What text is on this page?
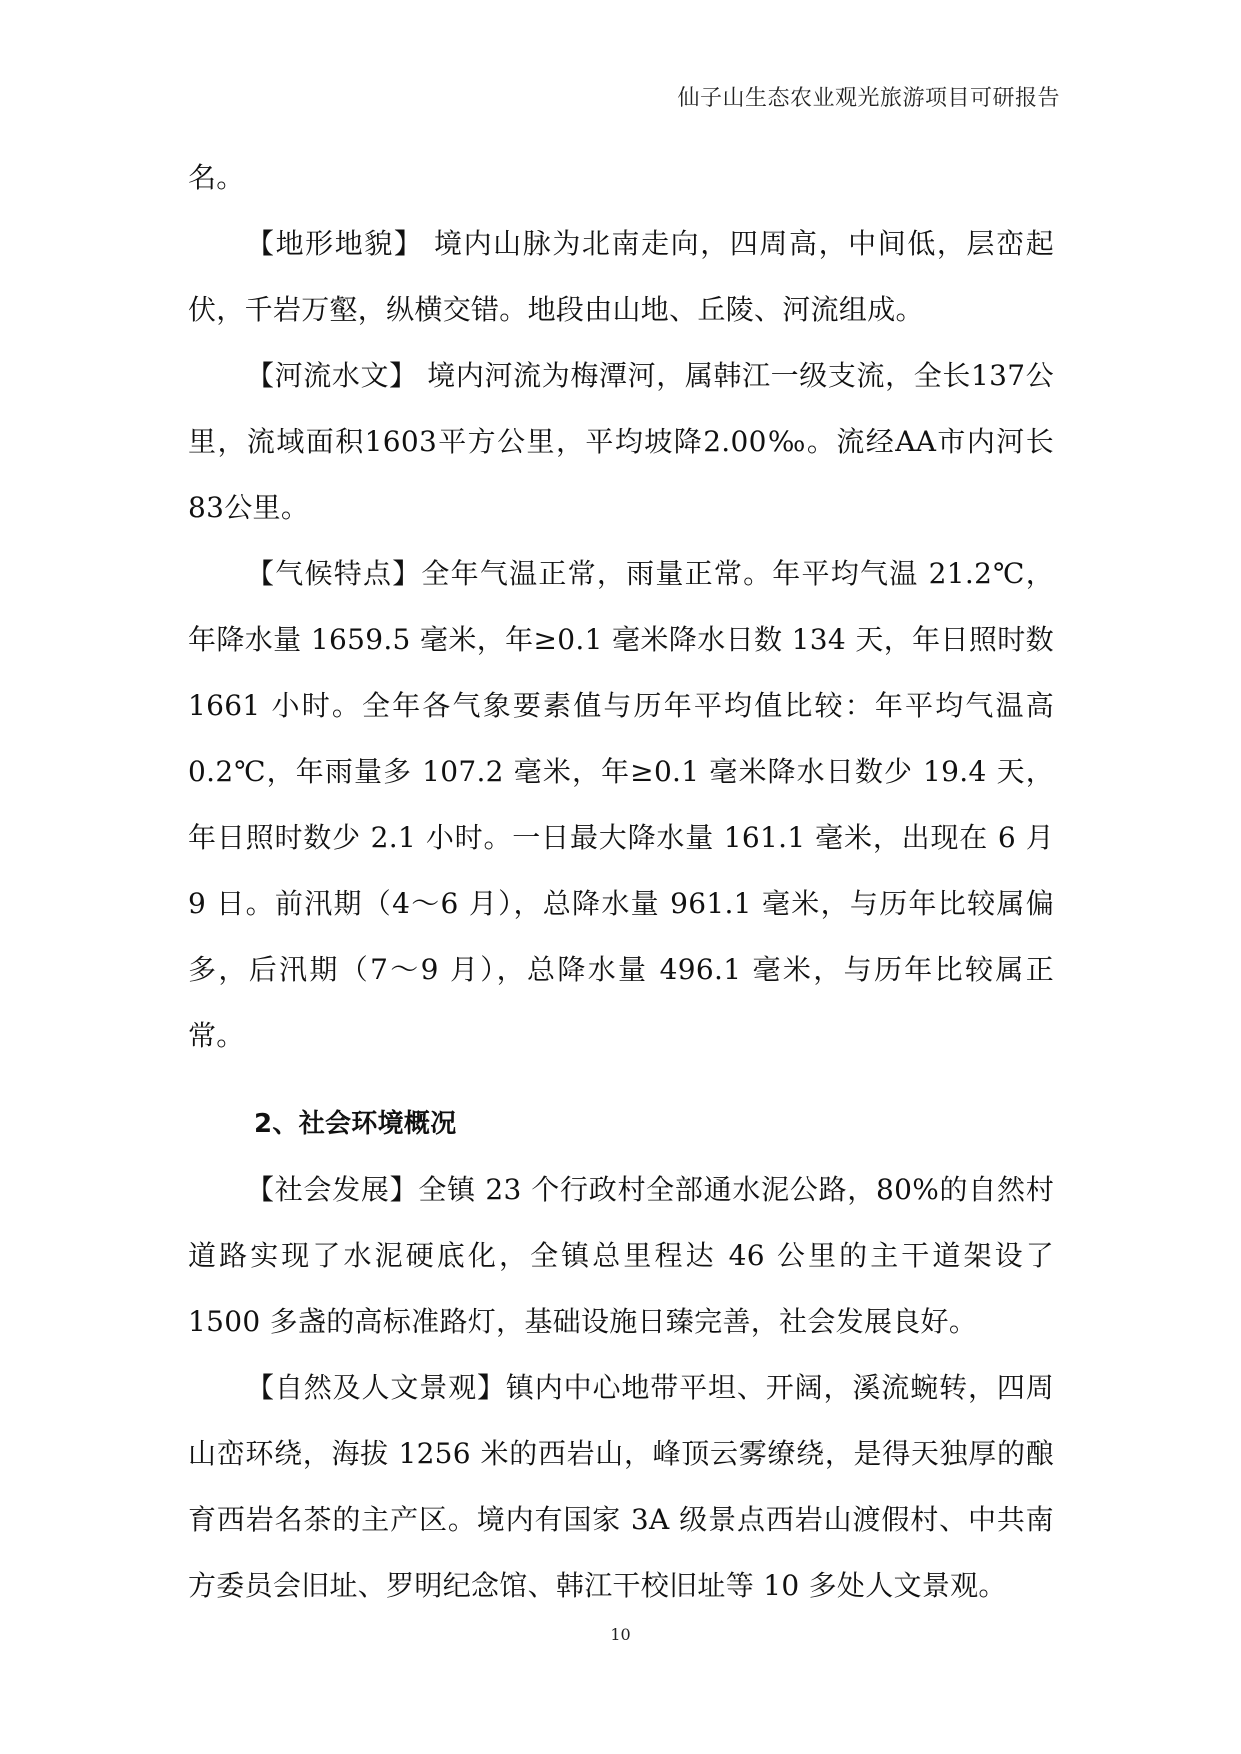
仙子山生态农业观光旅游项目可研报告

名。

【地形地貌】 境内山脉为北南走向，四周高，中间低，层峦起伏，千岩万壑，纵横交错。地段由山地、丘陵、河流组成。

【河流水文】 境内河流为梅潭河，属韩江一级支流，全长137公里，流域面积1603平方公里，平均坡降2.00‰。流经AA市内河长83公里。

【气候特点】全年气温正常，雨量正常。年平均气温 21.2℃，年降水量 1659.5 毫米，年≥0.1 毫米降水日数 134 天，年日照时数 1661 小时。全年各气象要素值与历年平均值比较：年平均气温高 0.2℃，年雨量多 107.2 毫米，年≥0.1 毫米降水日数少 19.4 天，年日照时数少 2.1 小时。一日最大降水量 161.1 毫米，出现在 6 月 9 日。前汛期（4～6 月），总降水量 961.1 毫米，与历年比较属偏多，后汛期（7～9 月），总降水量 496.1 毫米，与历年比较属正常。

2、社会环境概况

【社会发展】全镇 23 个行政村全部通水泥公路，80%的自然村道路实现了水泥硬底化，全镇总里程达 46 公里的主干道架设了 1500 多盏的高标准路灯，基础设施日臻完善，社会发展良好。

【自然及人文景观】镇内中心地带平坦、开阔，溪流蜿转，四周山峦环绕，海拔 1256 米的西岩山，峰顶云雾缭绕，是得天独厚的酿育西岩名茶的主产区。境内有国家 3A 级景点西岩山渡假村、中共南方委员会旧址、罗明纪念馆、韩江干校旧址等 10 多处人文景观。

10
